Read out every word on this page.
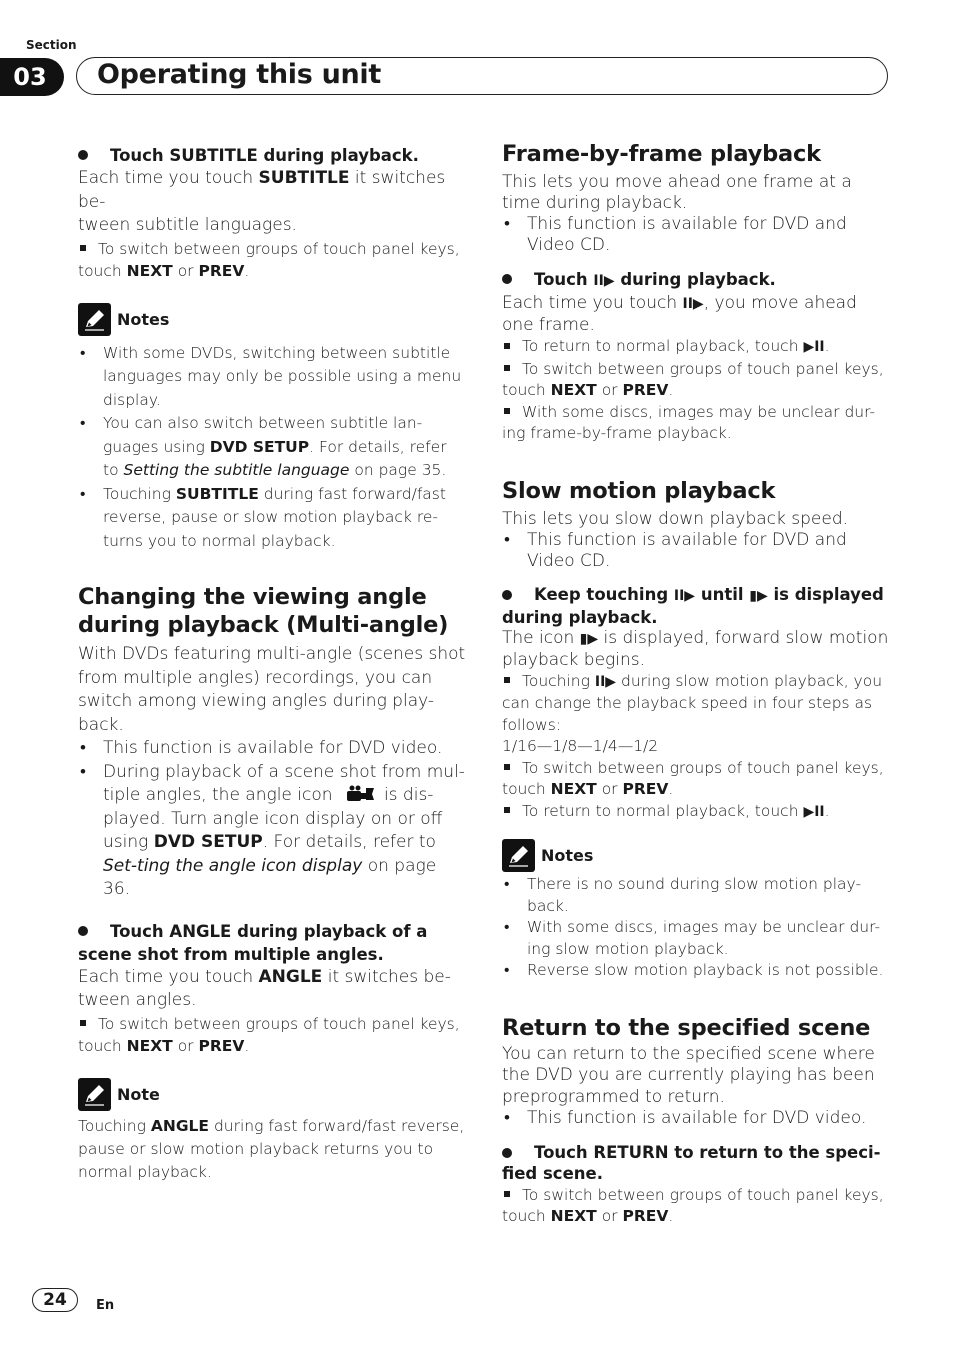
Section
03	Operating this unit

Touch SUBTITLE during playback.

Each time you touch SUBTITLE it switches be-
tween subtitle languages.

To switch between groups of touch panel keys,
touch NEXT or PREV.

Notes

• With some DVDs, switching between subtitle languages may only be possible using a menu display.

• You can also switch between subtitle lan-guages using DVD SETUP. For details, refer to Setting the subtitle language on page 35.

• Touching SUBTITLE during fast forward/fast reverse, pause or slow motion playback re-turns you to normal playback.

Changing the viewing angle
during playback (Multi-angle)

With DVDs featuring multi-angle (scenes shot from multiple angles) recordings, you can switch among viewing angles during play-back.

• This function is available for DVD video.

• During playback of a scene shot from mul-tiple angles, the angle icon	is dis-played. Turn angle icon display on or off using DVD SETUP. For details, refer to Set-ting the angle icon display on page 36.

Touch ANGLE during playback of a

scene shot from multiple angles.

Each time you touch ANGLE it switches be-tween angles.

To switch between groups of touch panel keys,
touch NEXT or PREV.

Note

Touching ANGLE during fast forward/fast reverse, pause or slow motion playback returns you to normal playback.

Frame-by-frame playback

This lets you move ahead one frame at a time during playback.

• This function is available for DVD and Video CD.

Touch II▶ during playback.

Each time you touch II▶, you move ahead one frame.

To return to normal playback, touch ▶II.

To switch between groups of touch panel keys,
touch NEXT or PREV.

With some discs, images may be unclear dur-ing frame-by-frame playback.

Slow motion playback

This lets you slow down playback speed.

• This function is available for DVD and Video CD.

Keep touching II▶ until ▮▶ is displayed

during playback.

The icon ▮▶ is displayed, forward slow motion playback begins.

Touching II▶ during slow motion playback, you can change the playback speed in four steps as follows:

1/16—1/8—1/4—1/2

To switch between groups of touch panel keys,
touch NEXT or PREV.

To return to normal playback, touch ▶II.

Notes

• There is no sound during slow motion play-back.

• With some discs, images may be unclear dur-ing slow motion playback.

• Reverse slow motion playback is not possible.

Return to the specified scene

You can return to the specified scene where the DVD you are currently playing has been preprogrammed to return.

• This function is available for DVD video.

Touch RETURN to return to the speci-

fied scene.

To switch between groups of touch panel keys,
touch NEXT or PREV.

24	En
